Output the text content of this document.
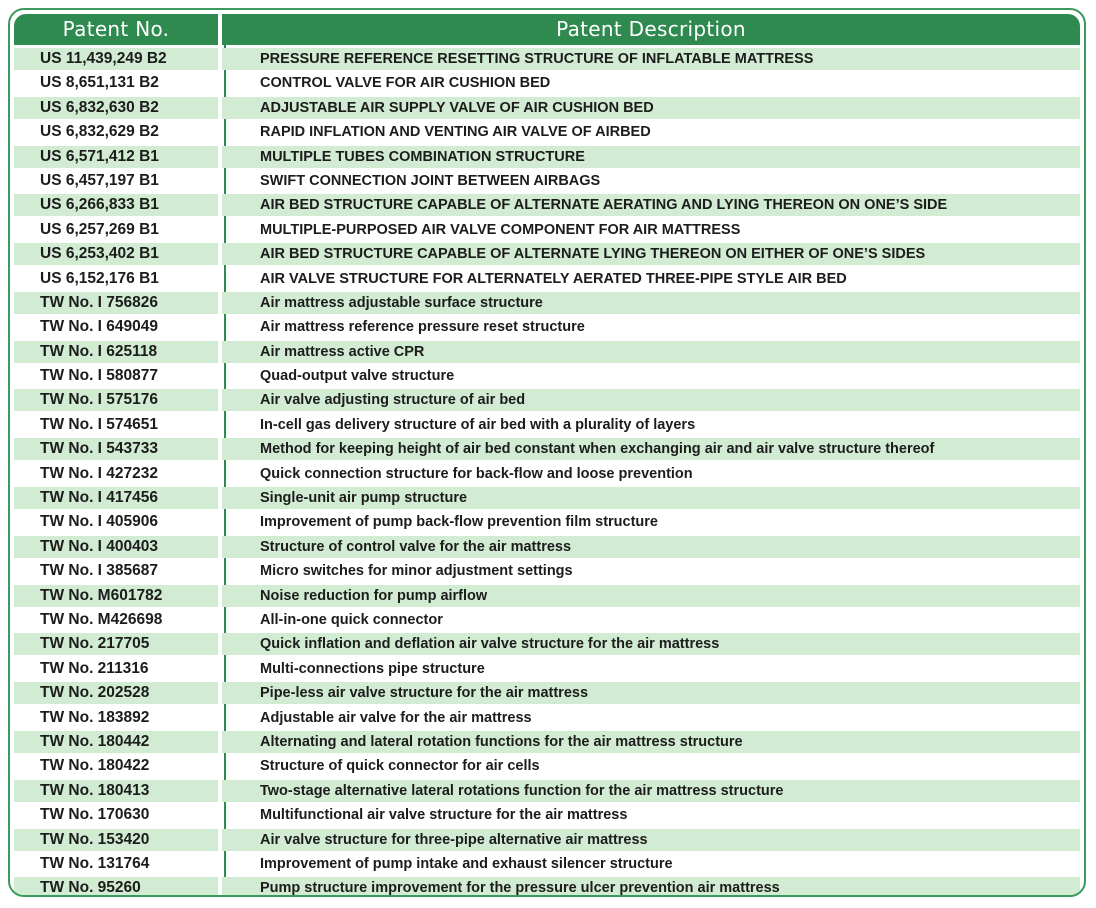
Patent No.	Patent Description
US 11,439,249 B2	PRESSURE REFERENCE RESETTING STRUCTURE OF INFLATABLE MATTRESS
US 8,651,131 B2	CONTROL VALVE FOR AIR CUSHION BED
US 6,832,630 B2	ADJUSTABLE AIR SUPPLY VALVE OF AIR CUSHION BED
US 6,832,629 B2	RAPID INFLATION AND VENTING AIR VALVE OF AIRBED
US 6,571,412 B1	MULTIPLE TUBES COMBINATION STRUCTURE
US 6,457,197 B1	SWIFT CONNECTION JOINT BETWEEN AIRBAGS
US 6,266,833 B1	AIR BED STRUCTURE CAPABLE OF ALTERNATE AERATING AND LYING THEREON ON ONE’S SIDE
US 6,257,269 B1	MULTIPLE-PURPOSED AIR VALVE COMPONENT FOR AIR MATTRESS
US 6,253,402 B1	AIR BED STRUCTURE CAPABLE OF ALTERNATE LYING THEREON ON EITHER OF ONE’S SIDES
US 6,152,176 B1	AIR VALVE STRUCTURE FOR ALTERNATELY AERATED THREE-PIPE STYLE AIR BED
TW No. I 756826	Air mattress adjustable surface structure
TW No. I 649049	Air mattress reference pressure reset structure
TW No. I 625118	Air mattress active CPR
TW No. I 580877	Quad-output valve structure
TW No. I 575176	Air valve adjusting structure of air bed
TW No. I 574651	In-cell gas delivery structure of air bed with a plurality of layers
TW No. I 543733	Method for keeping height of air bed constant when exchanging air and air valve structure thereof
TW No. I 427232	Quick connection structure for back-flow and loose prevention
TW No. I 417456	Single-unit air pump structure
TW No. I 405906	Improvement of pump back-flow prevention film structure
TW No. I 400403	Structure of control valve for the air mattress
TW No. I 385687	Micro switches for minor adjustment settings
TW No. M601782	Noise reduction for pump airflow
TW No. M426698	All-in-one quick connector
TW No. 217705	Quick inflation and deflation air valve structure for the air mattress
TW No. 211316	Multi-connections pipe structure
TW No. 202528	Pipe-less air valve structure for the air mattress
TW No. 183892	Adjustable air valve for the air mattress
TW No. 180442	Alternating and lateral rotation functions for the air mattress structure
TW No. 180422	Structure of quick connector for air cells
TW No. 180413	Two-stage alternative lateral rotations function for the air mattress structure
TW No. 170630	Multifunctional air valve structure for the air mattress
TW No. 153420	Air valve structure for three-pipe alternative air mattress
TW No. 131764	Improvement of pump intake and exhaust silencer structure
TW No. 95260	Pump structure improvement for the pressure ulcer prevention air mattress
